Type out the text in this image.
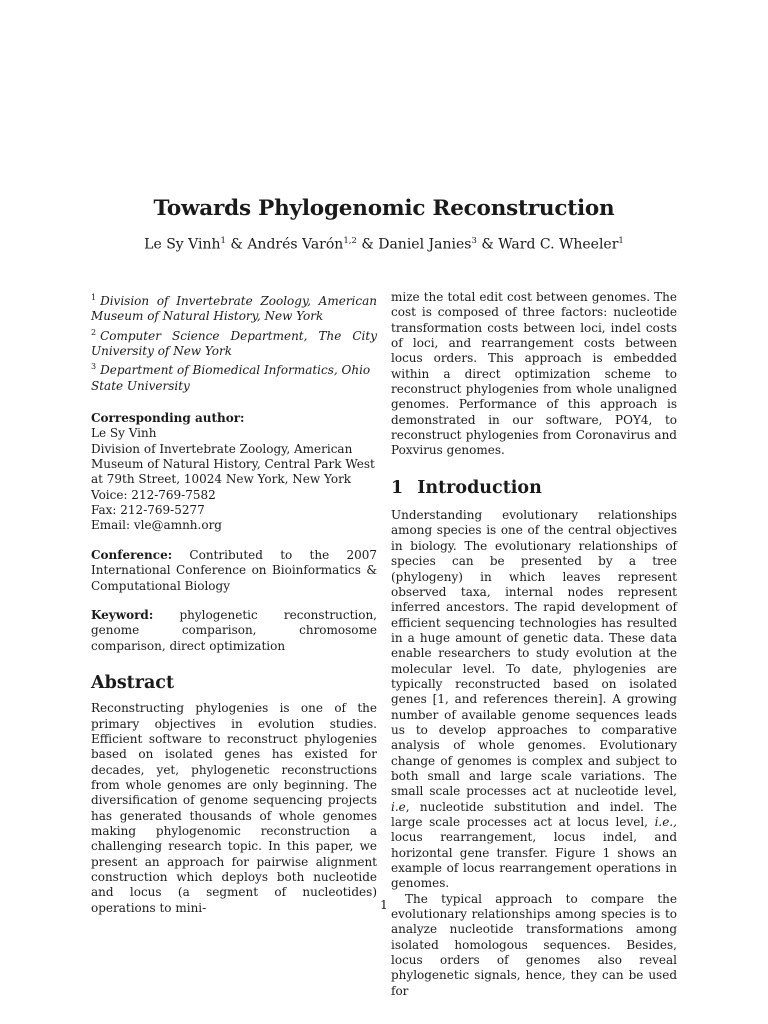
Towards Phylogenomic Reconstruction
Le Sy Vinh$^1$ & Andrés Varón$^{1,2}$ & Daniel Janies$^3$ & Ward C. Wheeler$^1$

$^1$ Division of Invertebrate Zoology, American Museum of Natural History, New York

$^2$ Computer Science Department, The City University of New York

$^3$ Department of Biomedical Informatics, Ohio State University

Corresponding author:
Le Sy Vinh
Division of Invertebrate Zoology, American Museum of Natural History, Central Park West at 79th Street, 10024 New York, New York
Voice: 212-769-7582
Fax: 212-769-5277
Email: vle@amnh.org

Conference: Contributed to the 2007 International Conference on Bioinformatics & Computational Biology

Keyword: phylogenetic reconstruction, genome comparison, chromosome comparison, direct optimization

Abstract

Reconstructing phylogenies is one of the primary objectives in evolution studies. Efficient software to reconstruct phylogenies based on isolated genes has existed for decades, yet, phylogenetic reconstructions from whole genomes are only beginning. The diversification of genome sequencing projects has generated thousands of whole genomes making phylogenomic reconstruction a challenging research topic. In this paper, we present an approach for pairwise alignment construction which deploys both nucleotide and locus (a segment of nucleotides) operations to mini-

mize the total edit cost between genomes. The cost is composed of three factors: nucleotide transformation costs between loci, indel costs of loci, and rearrangement costs between locus orders. This approach is embedded within a direct optimization scheme to reconstruct phylogenies from whole unaligned genomes. Performance of this approach is demonstrated in our software, POY4, to reconstruct phylogenies from Coronavirus and Poxvirus genomes.

1 Introduction

Understanding evolutionary relationships among species is one of the central objectives in biology. The evolutionary relationships of species can be presented by a tree (phylogeny) in which leaves represent observed taxa, internal nodes represent inferred ancestors. The rapid development of efficient sequencing technologies has resulted in a huge amount of genetic data. These data enable researchers to study evolution at the molecular level. To date, phylogenies are typically reconstructed based on isolated genes [1, and references therein]. A growing number of available genome sequences leads us to develop approaches to comparative analysis of whole genomes. Evolutionary change of genomes is complex and subject to both small and large scale variations. The small scale processes act at nucleotide level, i.e, nucleotide substitution and indel. The large scale processes act at locus level, i.e., locus rearrangement, locus indel, and horizontal gene transfer. Figure 1 shows an example of locus rearrangement operations in genomes.

The typical approach to compare the evolutionary relationships among species is to analyze nucleotide transformations among isolated homologous sequences. Besides, locus orders of genomes also reveal phylogenetic signals, hence, they can be used for

1
